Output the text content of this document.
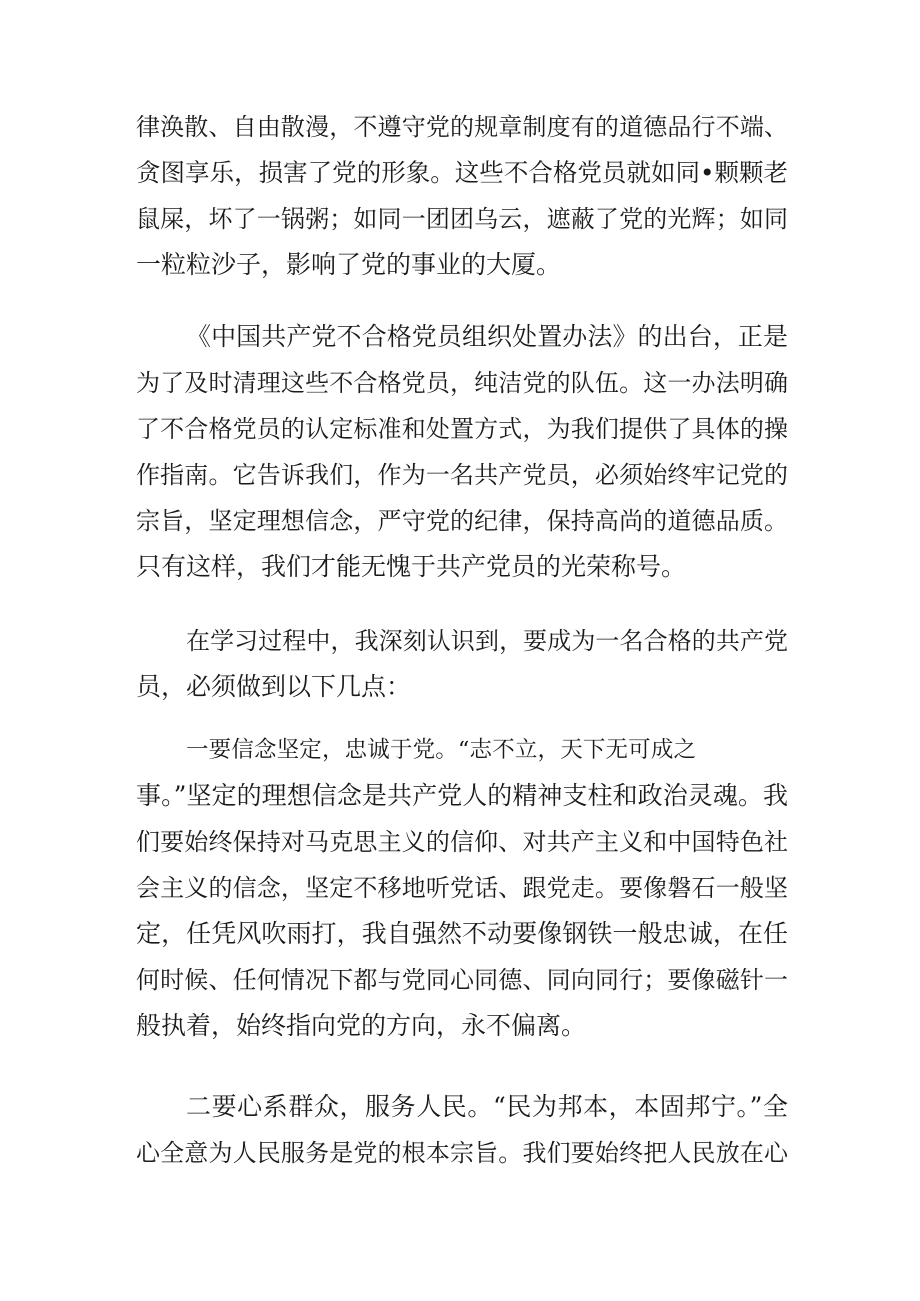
律涣散、自由散漫，不遵守党的规章制度有的道德品行不端、
贪图享乐，损害了党的形象。这些不合格党员就如同•颗颗老
鼠屎，坏了一锅粥；如同一团团乌云，遮蔽了党的光辉；如同
一粒粒沙子，影响了党的事业的大厦。
《中国共产党不合格党员组织处置办法》的出台，正是
为了及时清理这些不合格党员，纯洁党的队伍。这一办法明确
了不合格党员的认定标准和处置方式，为我们提供了具体的操
作指南。它告诉我们，作为一名共产党员，必须始终牢记党的
宗旨，坚定理想信念，严守党的纪律，保持高尚的道德品质。
只有这样，我们才能无愧于共产党员的光荣称号。
在学习过程中，我深刻认识到，要成为一名合格的共产党
员，必须做到以下几点：
一要信念坚定，忠诚于党。“志不立，天下无可成之
事。”坚定的理想信念是共产党人的精神支柱和政治灵魂。我
们要始终保持对马克思主义的信仰、对共产主义和中国特色社
会主义的信念，坚定不移地听党话、跟党走。要像磐石一般坚
定，任凭风吹雨打，我自强然不动要像钢铁一般忠诚，在任
何时候、任何情况下都与党同心同德、同向同行；要像磁针一
般执着，始终指向党的方向，永不偏离。
二要心系群众，服务人民。“民为邦本，本固邦宁。”全
心全意为人民服务是党的根本宗旨。我们要始终把人民放在心
